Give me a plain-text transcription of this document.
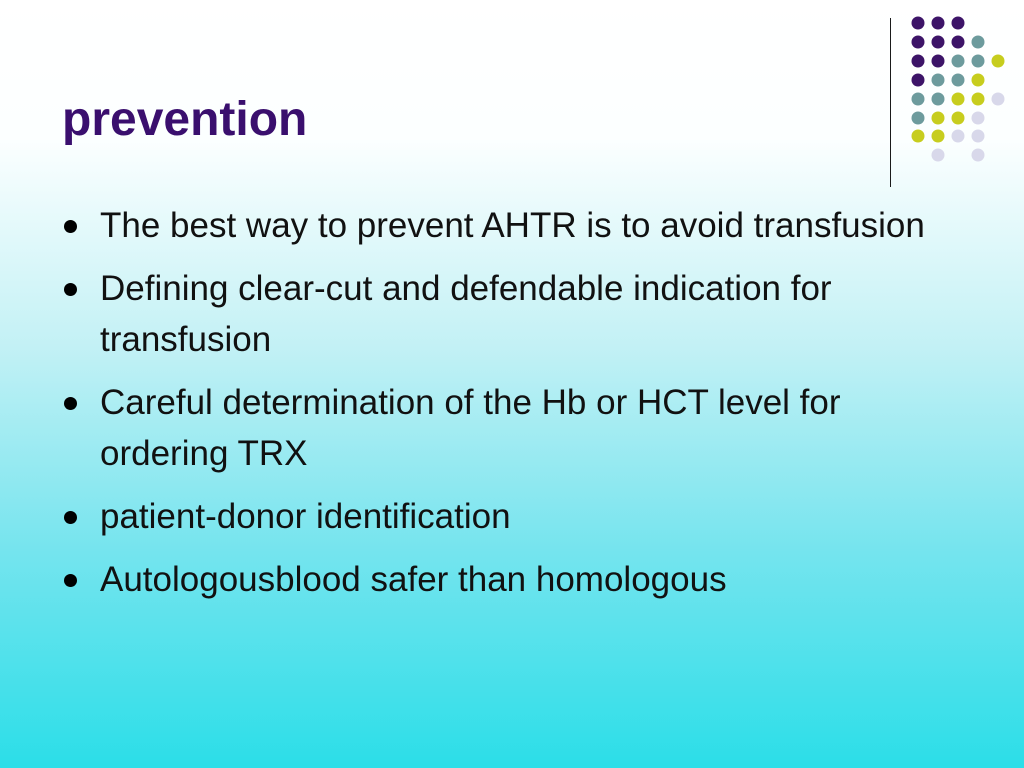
prevention
The best way to prevent AHTR is to avoid transfusion
Defining clear-cut and defendable indication for transfusion
Careful determination of the Hb or HCT level for ordering TRX
patient-donor identification
Autologousblood safer than homologous
